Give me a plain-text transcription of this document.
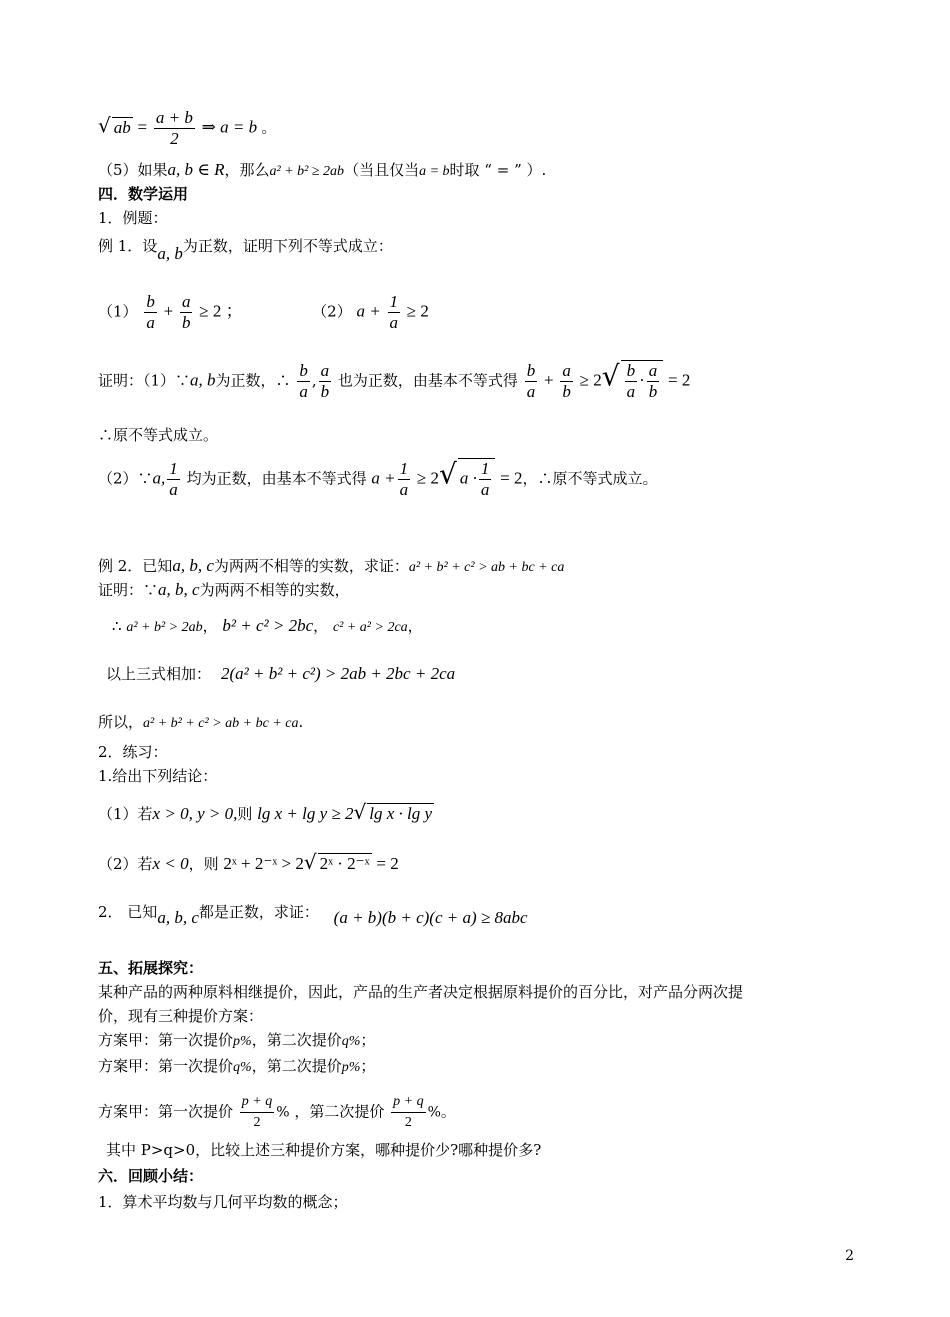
√ ab = $\frac{a + b}{2}$ ⇒ a = b 。
（5）如果a, b ∈ R，那么a² + b² ≥ 2ab（当且仅当a = b时取 “ = ” ）.
四．数学运用
1．例题：
例 1．设a, b为正数，证明下列不等式成立：
$(1) \frac{b}{a} + \frac{a}{b} \ge 2$ ；	（2） $a + \frac{1}{a} \ge 2$
证明：（1）∵a, b为正数，∴ $\frac{b}{a}$ , $\frac{a}{b}$ 也为正数，由基本不等式得 $\frac{b}{a} + \frac{a}{b} \ge 2√ \frac{b}{a} \cdot \frac{a}{b} = 2$
∴原不等式成立。
（2）∵a, $\frac{1}{a}$ 均为正数，由基本不等式得 $a + \frac{1}{a} \ge 2√$ $a \cdot \frac{1}{a} = 2$，∴原不等式成立。
例 2．已知a, b, c为两两不相等的实数，求证：a² + b² + c² > ab + bc + ca
证明：∵a, b, c为两两不相等的实数，
∴ a² + b² > 2ab， b² + c² > 2bc， c² + a² > 2ca，
以上三式相加： 2(a² + b² + c²) > 2ab + 2bc + 2ca
所以，a² + b² + c² > ab + bc + ca.
2．练习：
1.给出下列结论：
（1）若x > 0, y > 0,则 lg x + lg y ≥ 2√ lg x · lg y
（2）若x < 0，则 2ˣ + 2⁻ˣ > 2√ 2ˣ · 2⁻ˣ = 2
2． 已知a, b, c都是正数，求证： (a + b)(b + c)(c + a) ≥ 8abc
五、拓展探究：
某种产品的两种原料相继提价，因此，产品的生产者决定根据原料提价的百分比，对产品分两次提
价，现有三种提价方案：
方案甲：第一次提价p%，第二次提价q%；
方案甲：第一次提价q%，第二次提价p%；
方案甲：第一次提价 $\frac{p + q}{2}$ % ，第二次提价 $\frac{p + q}{2}$ %。
其中 P>q>0，比较上述三种提价方案，哪种提价少?哪种提价多?
六．回顾小结：
1．算术平均数与几何平均数的概念；
2
